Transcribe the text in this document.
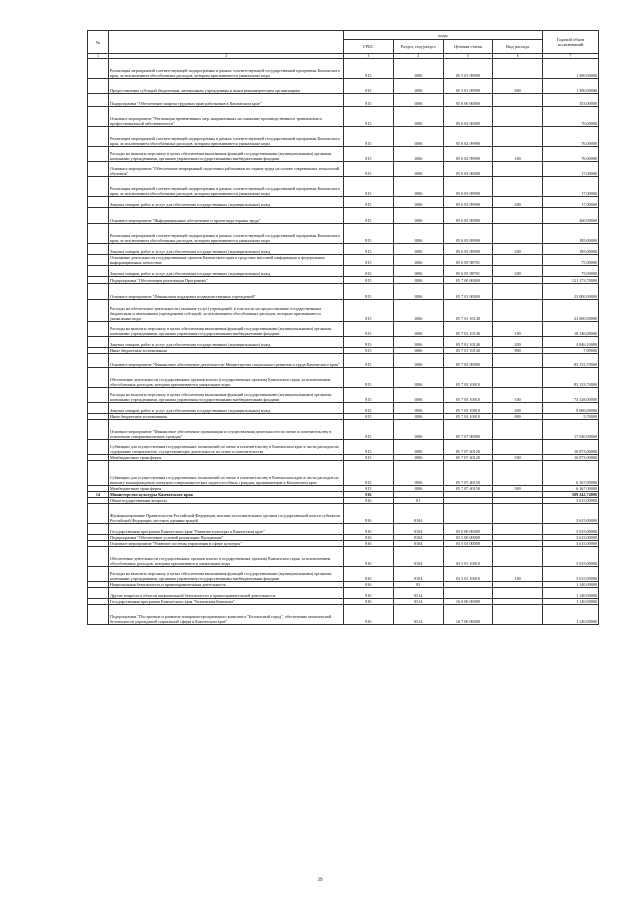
№		коды				Годовой объем ассигнований
		ГРБС	Раздел, под-раздел	Целевая статья	Вид расхода	
1	2	3	4	5	6	7
	Реализация мероприятий соответствующей подпрограммы в рамках соответствующей государственной программы Камчатского края, за исключением обособленных расходов, которым присваиваются уникальные коды	815	1006	05 5 01 09990		1 500,00000
	Предоставление субсидий бюджетным, автономным учреждениям и иным некоммерческим организациям	815	1006	05 5 01 09990	600	1 500,00000
	Подпрограмма "Обеспечение защиты трудовых прав работников в Камчатском крае"	815	1006	05 6 00 00000		353,00000
	Основное мероприятие "Реализация превентивных мер, направленных на снижение производственного травматизма и профессиональной заболеваемости"	815	1006	05 6 02 00000		76,00000
	Реализация мероприятий соответствующей подпрограммы в рамках соответствующей государственной программы Камчатского края, за исключением обособленных расходов, которым присваиваются уникальные коды	815	1006	05 6 02 09990		76,00000
	Расходы на выплаты персоналу в целях обеспечения выполнения функций государственными (муниципальными) органами, казенными учреждениями, органами управления государственными внебюджетными фондами	815	1006	05 6 02 09990	100	76,00000
	Основное мероприятие "Обеспечение непрерывной подготовки работников по охране труда на основе современных технологий обучения"	815	1006	05 6 03 00000		17,00000
	Реализация мероприятий соответствующей подпрограммы в рамках соответствующей государственной программы Камчатского края, за исключением обособленных расходов, которым присваиваются уникальные коды	815	1006	05 6 03 09990		17,00000
	Закупка товаров, работ и услуг для обеспечения государственных (муниципальных) нужд	815	1006	05 6 03 09990	200	17,00000
	Основное мероприятие "Информационное обеспечение и пропаганда охраны труда"	815	1006	05 6 05 00000		260,00000
	Реализация мероприятий соответствующей подпрограммы в рамках соответствующей государственной программы Камчатского края, за исключением обособленных расходов, которым присваиваются уникальные коды	815	1006	05 6 05 09990		185,00000
	Закупка товаров, работ и услуг для обеспечения государственных (муниципальных) нужд	815	1006	05 6 05 09990	200	185,00000
	Освещение деятельности государственных органов Камчатского края в средствах массовой информации и федеральных информационных агентствах	815	1006	05 6 05 98701		75,00000
	Закупка товаров, работ и услуг для обеспечения государственных (муниципальных) нужд	815	1006	05 6 05 98701	200	75,00000
	Подпрограмма "Обеспечение реализации Программы"	815	1006	05 7 00 00000		121 173,70000
	Основное мероприятие "Финансовая поддержка подведомственных учреждений"	815	1006	05 7 01 00000		23 000,00000
	Расходы на обеспечение деятельности (оказание услуг) учреждений, в том числе на предоставление государственным бюджетным и автономным учреждениям субсидий, за исключением обособленных расходов, которым присваиваются уникальные коды	815	1006	05 7 01 10140		23 000,00000
	Расходы на выплаты персоналу в целях обеспечения выполнения функций государственными (муниципальными) органами, казенными учреждениями, органами управления государственными внебюджетными фондами	815	1006	05 7 01 10140	100	18 146,00000
	Закупка товаров, работ и услуг для обеспечения государственных (муниципальных) нужд	815	1006	05 7 01 10140	200	4 846,10000
	Иные бюджетные ассигнования	815	1006	05 7 01 10140	800	7,90000
	Основное мероприятие "Финансовое обеспечение деятельности Министерства социального развития и труда Камчатского края"	815	1006	05 7 03 00000		83 133,70000
	Обеспечение деятельности государственных органов власти (государственных органов) Камчатского края, за исключением обособленных расходов, которым присваиваются уникальные коды	815	1006	05 7 03 10010		83 133,70000
	Расходы на выплаты персоналу в целях обеспечения выполнения функций государственными (муниципальными) органами, казенными учреждениями, органами управления государственными внебюджетными фондами	815	1006	05 7 03 10010	100	74 128,00000
	Закупка товаров, работ и услуг для обеспечения государственных (муниципальных) нужд	815	1006	05 7 03 10010	200	9 000,00000
	Иные бюджетные ассигнования	815	1006	05 7 03 10010	800	5,70000
	Основное мероприятие "Финансовое обеспечение организации и осуществления деятельности по опеке и попечительству в отношении совершеннолетних граждан"	815	1006	05 7 07 00000		17 040,00000
	Субвенции для осуществления государственных полномочий по опеке и попечительству в Камчатском крае в части расходов на содержание специалистов, осуществляющих деятельность по опеке и попечительству	815	1006	05 7 07 40120		10 873,00000
	Межбюджетные трансферты	815	1006	05 7 07 40120	500	10 873,00000
	Субвенции для осуществления государственных полномочий по опеке и попечительству в Камчатском крае в части расходов на выплату вознаграждения опекунам совершеннолетних недееспособных граждан, проживающим в Камчатском крае	815	1006	05 7 07 40150		6 167,00000
	Межбюджетные трансферты	815	1006	05 7 07 40150	500	6 167,00000
14	Министерство культуры Камчатского края	816				589 242,74800
	Общегосударственные вопросы	816	01			3 615,00000
	Функционирование Правительства Российской Федерации, высших исполнительных органов государственной власти субъектов Российской Федерации, местных администраций	816	0104			3 615,00000
	Государственная программа Камчатского края "Развитие культуры в Камчатском крае"	816	0104	03 0 00 00000		3 615,00000
	Подпрограмма "Обеспечение условий реализации Программы"	816	0104	03 5 00 00000		3 615,00000
	Основное мероприятие "Развитие системы управления в сфере культуры"	816	0104	03 5 01 00000		3 615,00000
	Обеспечение деятельности государственных органов власти (государственных органов) Камчатского края, за исключением обособленных расходов, которым присваиваются уникальные коды	816	0104	03 5 01 10010		3 615,00000
	Расходы на выплаты персоналу в целях обеспечения выполнения функций государственными (муниципальными) органами, казенными учреждениями, органами управления государственными внебюджетными фондами	816	0104	03 5 01 10010	100	3 615,00000
	Национальная безопасность и правоохранительная деятельность	816	03			1 140,00000
	Другие вопросы в области национальной безопасности и правоохранительной деятельности	816	0314			1 140,00000
	Государственная программа Камчатского края "Безопасная Камчатка"	816	0314	16 0 00 00000		1 140,00000
	Подпрограмма "Построение и развитие аппаратно-программного комплекса "Безопасный город", обеспечение комплексной безопасности учреждений социальной сферы в Камчатском крае"	816	0314	16 7 00 00000		1 140,00000
39
